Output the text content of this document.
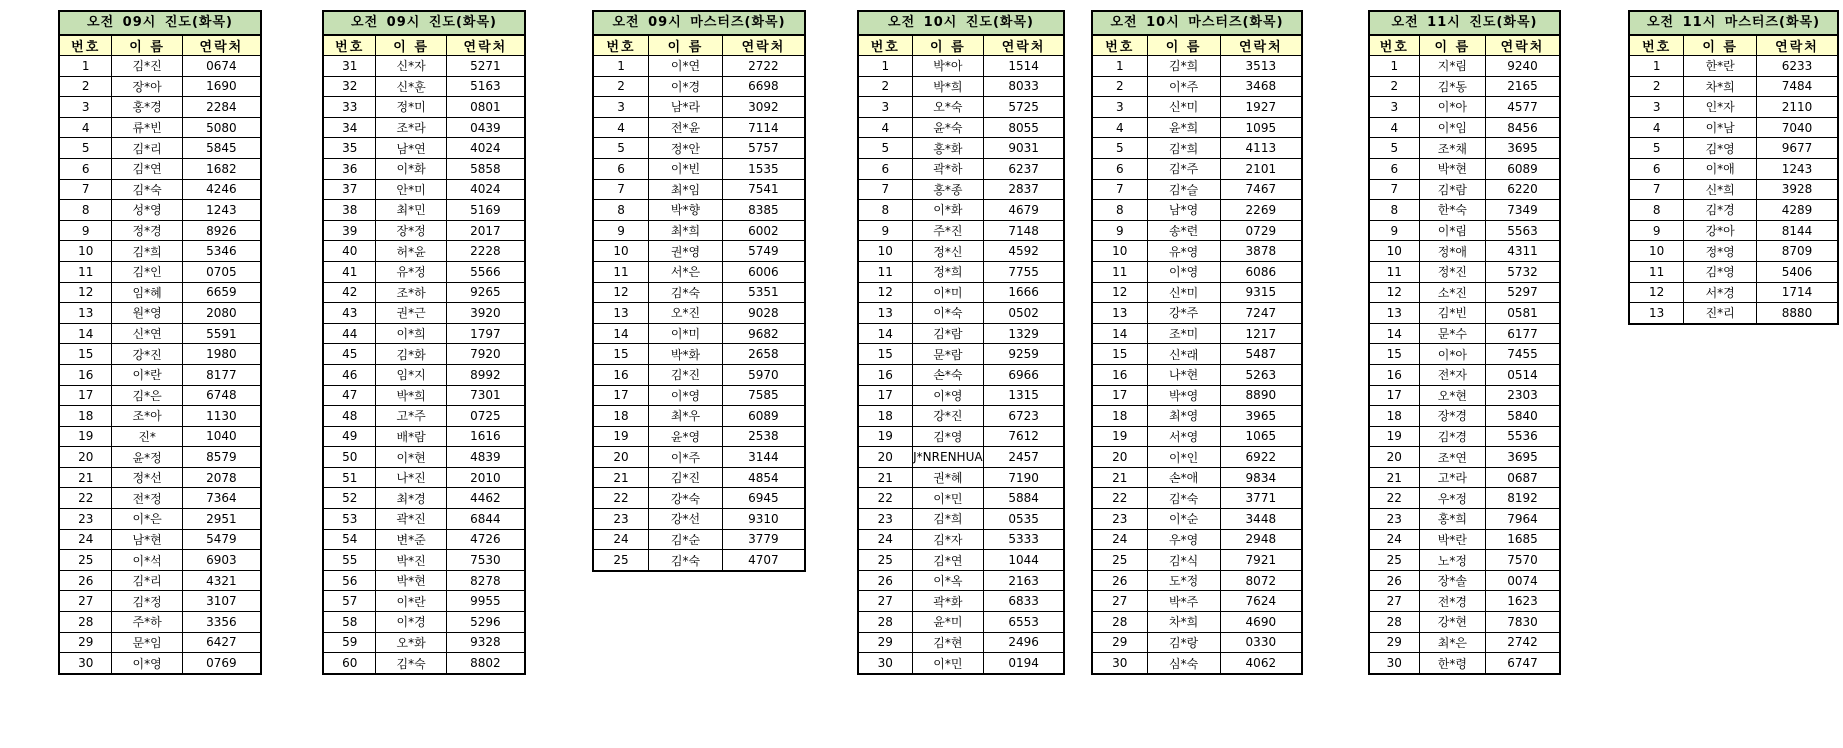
오전 09시 진도(화목)
번호	이 름	연락처
1	김*진	0674
2	장*아	1690
3	홍*경	2284
4	류*빈	5080
5	김*리	5845
6	김*연	1682
7	김*숙	4246
8	성*영	1243
9	정*경	8926
10	김*희	5346
11	김*인	0705
12	임*혜	6659
13	원*영	2080
14	신*연	5591
15	강*진	1980
16	이*란	8177
17	김*은	6748
18	조*아	1130
19	진*	1040
20	윤*정	8579
21	정*선	2078
22	전*정	7364
23	이*은	2951
24	남*현	5479
25	이*석	6903
26	김*리	4321
27	김*정	3107
28	주*하	3356
29	문*임	6427
30	이*영	0769
오전 09시 진도(화목)
번호	이 름	연락처
31	신*자	5271
32	신*훈	5163
33	정*미	0801
34	조*라	0439
35	남*연	4024
36	이*화	5858
37	안*미	4024
38	최*민	5169
39	장*정	2017
40	허*윤	2228
41	유*정	5566
42	조*하	9265
43	권*근	3920
44	이*희	1797
45	김*화	7920
46	임*지	8992
47	박*희	7301
48	고*주	0725
49	배*람	1616
50	이*현	4839
51	나*진	2010
52	최*경	4462
53	곽*진	6844
54	변*준	4726
55	박*진	7530
56	박*현	8278
57	이*란	9955
58	이*경	5296
59	오*화	9328
60	김*숙	8802
오전 09시 마스터즈(화목)
번호	이 름	연락처
1	이*연	2722
2	이*경	6698
3	남*라	3092
4	전*윤	7114
5	정*안	5757
6	이*빈	1535
7	최*임	7541
8	박*향	8385
9	최*희	6002
10	권*영	5749
11	서*은	6006
12	김*숙	5351
13	오*진	9028
14	이*미	9682
15	박*화	2658
16	김*진	5970
17	이*영	7585
18	최*우	6089
19	윤*영	2538
20	이*주	3144
21	김*진	4854
22	강*숙	6945
23	강*선	9310
24	김*순	3779
25	김*숙	4707
오전 10시 진도(화목)
번호	이 름	연락처
1	박*아	1514
2	박*희	8033
3	오*숙	5725
4	윤*숙	8055
5	홍*화	9031
6	곽*하	6237
7	홍*종	2837
8	이*화	4679
9	주*진	7148
10	정*신	4592
11	정*희	7755
12	이*미	1666
13	이*숙	0502
14	김*람	1329
15	문*람	9259
16	손*숙	6966
17	이*영	1315
18	강*진	6723
19	김*영	7612
20	J*NRENHUA	2457
21	권*혜	7190
22	이*민	5884
23	김*희	0535
24	김*자	5333
25	김*연	1044
26	이*옥	2163
27	곽*화	6833
28	윤*미	6553
29	김*현	2496
30	이*민	0194
오전 10시 마스터즈(화목)
번호	이 름	연락처
1	김*희	3513
2	이*주	3468
3	신*미	1927
4	윤*희	1095
5	김*희	4113
6	김*주	2101
7	김*슬	7467
8	남*영	2269
9	송*련	0729
10	유*영	3878
11	이*영	6086
12	신*미	9315
13	강*주	7247
14	조*미	1217
15	신*래	5487
16	나*현	5263
17	박*영	8890
18	최*영	3965
19	서*영	1065
20	이*인	6922
21	손*애	9834
22	김*숙	3771
23	이*순	3448
24	우*영	2948
25	김*식	7921
26	도*정	8072
27	박*주	7624
28	차*희	4690
29	김*랑	0330
30	심*숙	4062
오전 11시 진도(화목)
번호	이 름	연락처
1	지*림	9240
2	김*동	2165
3	이*아	4577
4	이*임	8456
5	조*채	3695
6	박*현	6089
7	김*람	6220
8	한*숙	7349
9	이*림	5563
10	정*애	4311
11	정*진	5732
12	소*진	5297
13	김*빈	0581
14	문*수	6177
15	이*아	7455
16	전*자	0514
17	오*현	2303
18	장*경	5840
19	김*경	5536
20	조*연	3695
21	고*라	0687
22	우*정	8192
23	홍*희	7964
24	박*란	1685
25	노*정	7570
26	장*솔	0074
27	전*경	1623
28	강*현	7830
29	최*은	2742
30	한*령	6747
오전 11시 마스터즈(화목)
번호	이 름	연락처
1	한*란	6233
2	차*희	7484
3	인*자	2110
4	이*남	7040
5	김*영	9677
6	이*애	1243
7	신*희	3928
8	김*경	4289
9	강*아	8144
10	정*영	8709
11	김*영	5406
12	서*경	1714
13	진*리	8880
